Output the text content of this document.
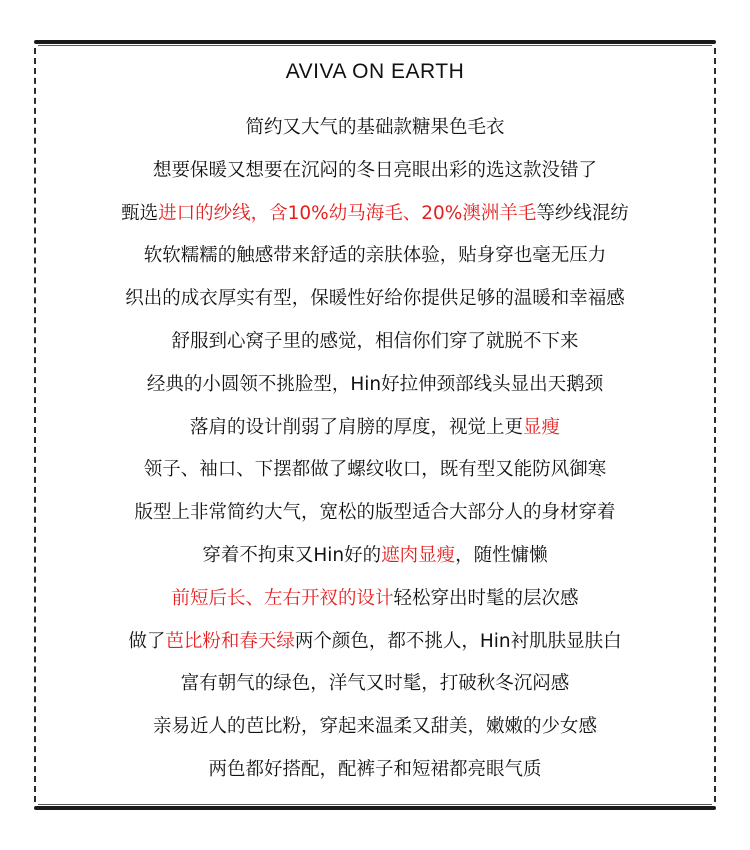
AVIVA ON EARTH
简约又大气的基础款糖果色毛衣
想要保暖又想要在沉闷的冬日亮眼出彩的选这款没错了
甄选进口的纱线，含10%幼马海毛、20%澳洲羊毛等纱线混纺
软软糯糯的触感带来舒适的亲肤体验，贴身穿也毫无压力
织出的成衣厚实有型，保暖性好给你提供足够的温暖和幸福感
舒服到心窝子里的感觉，相信你们穿了就脱不下来
经典的小圆领不挑脸型，Hin好拉伸颈部线头显出天鹅颈
落肩的设计削弱了肩膀的厚度，视觉上更显瘦
领子、袖口、下摆都做了螺纹收口，既有型又能防风御寒
版型上非常简约大气，宽松的版型适合大部分人的身材穿着
穿着不拘束又Hin好的遮肉显瘦，随性慵懒
前短后长、左右开衩的设计轻松穿出时髦的层次感
做了芭比粉和春天绿两个颜色，都不挑人，Hin衬肌肤显肤白
富有朝气的绿色，洋气又时髦，打破秋冬沉闷感
亲易近人的芭比粉，穿起来温柔又甜美，嫩嫩的少女感
两色都好搭配，配裤子和短裙都亮眼气质
